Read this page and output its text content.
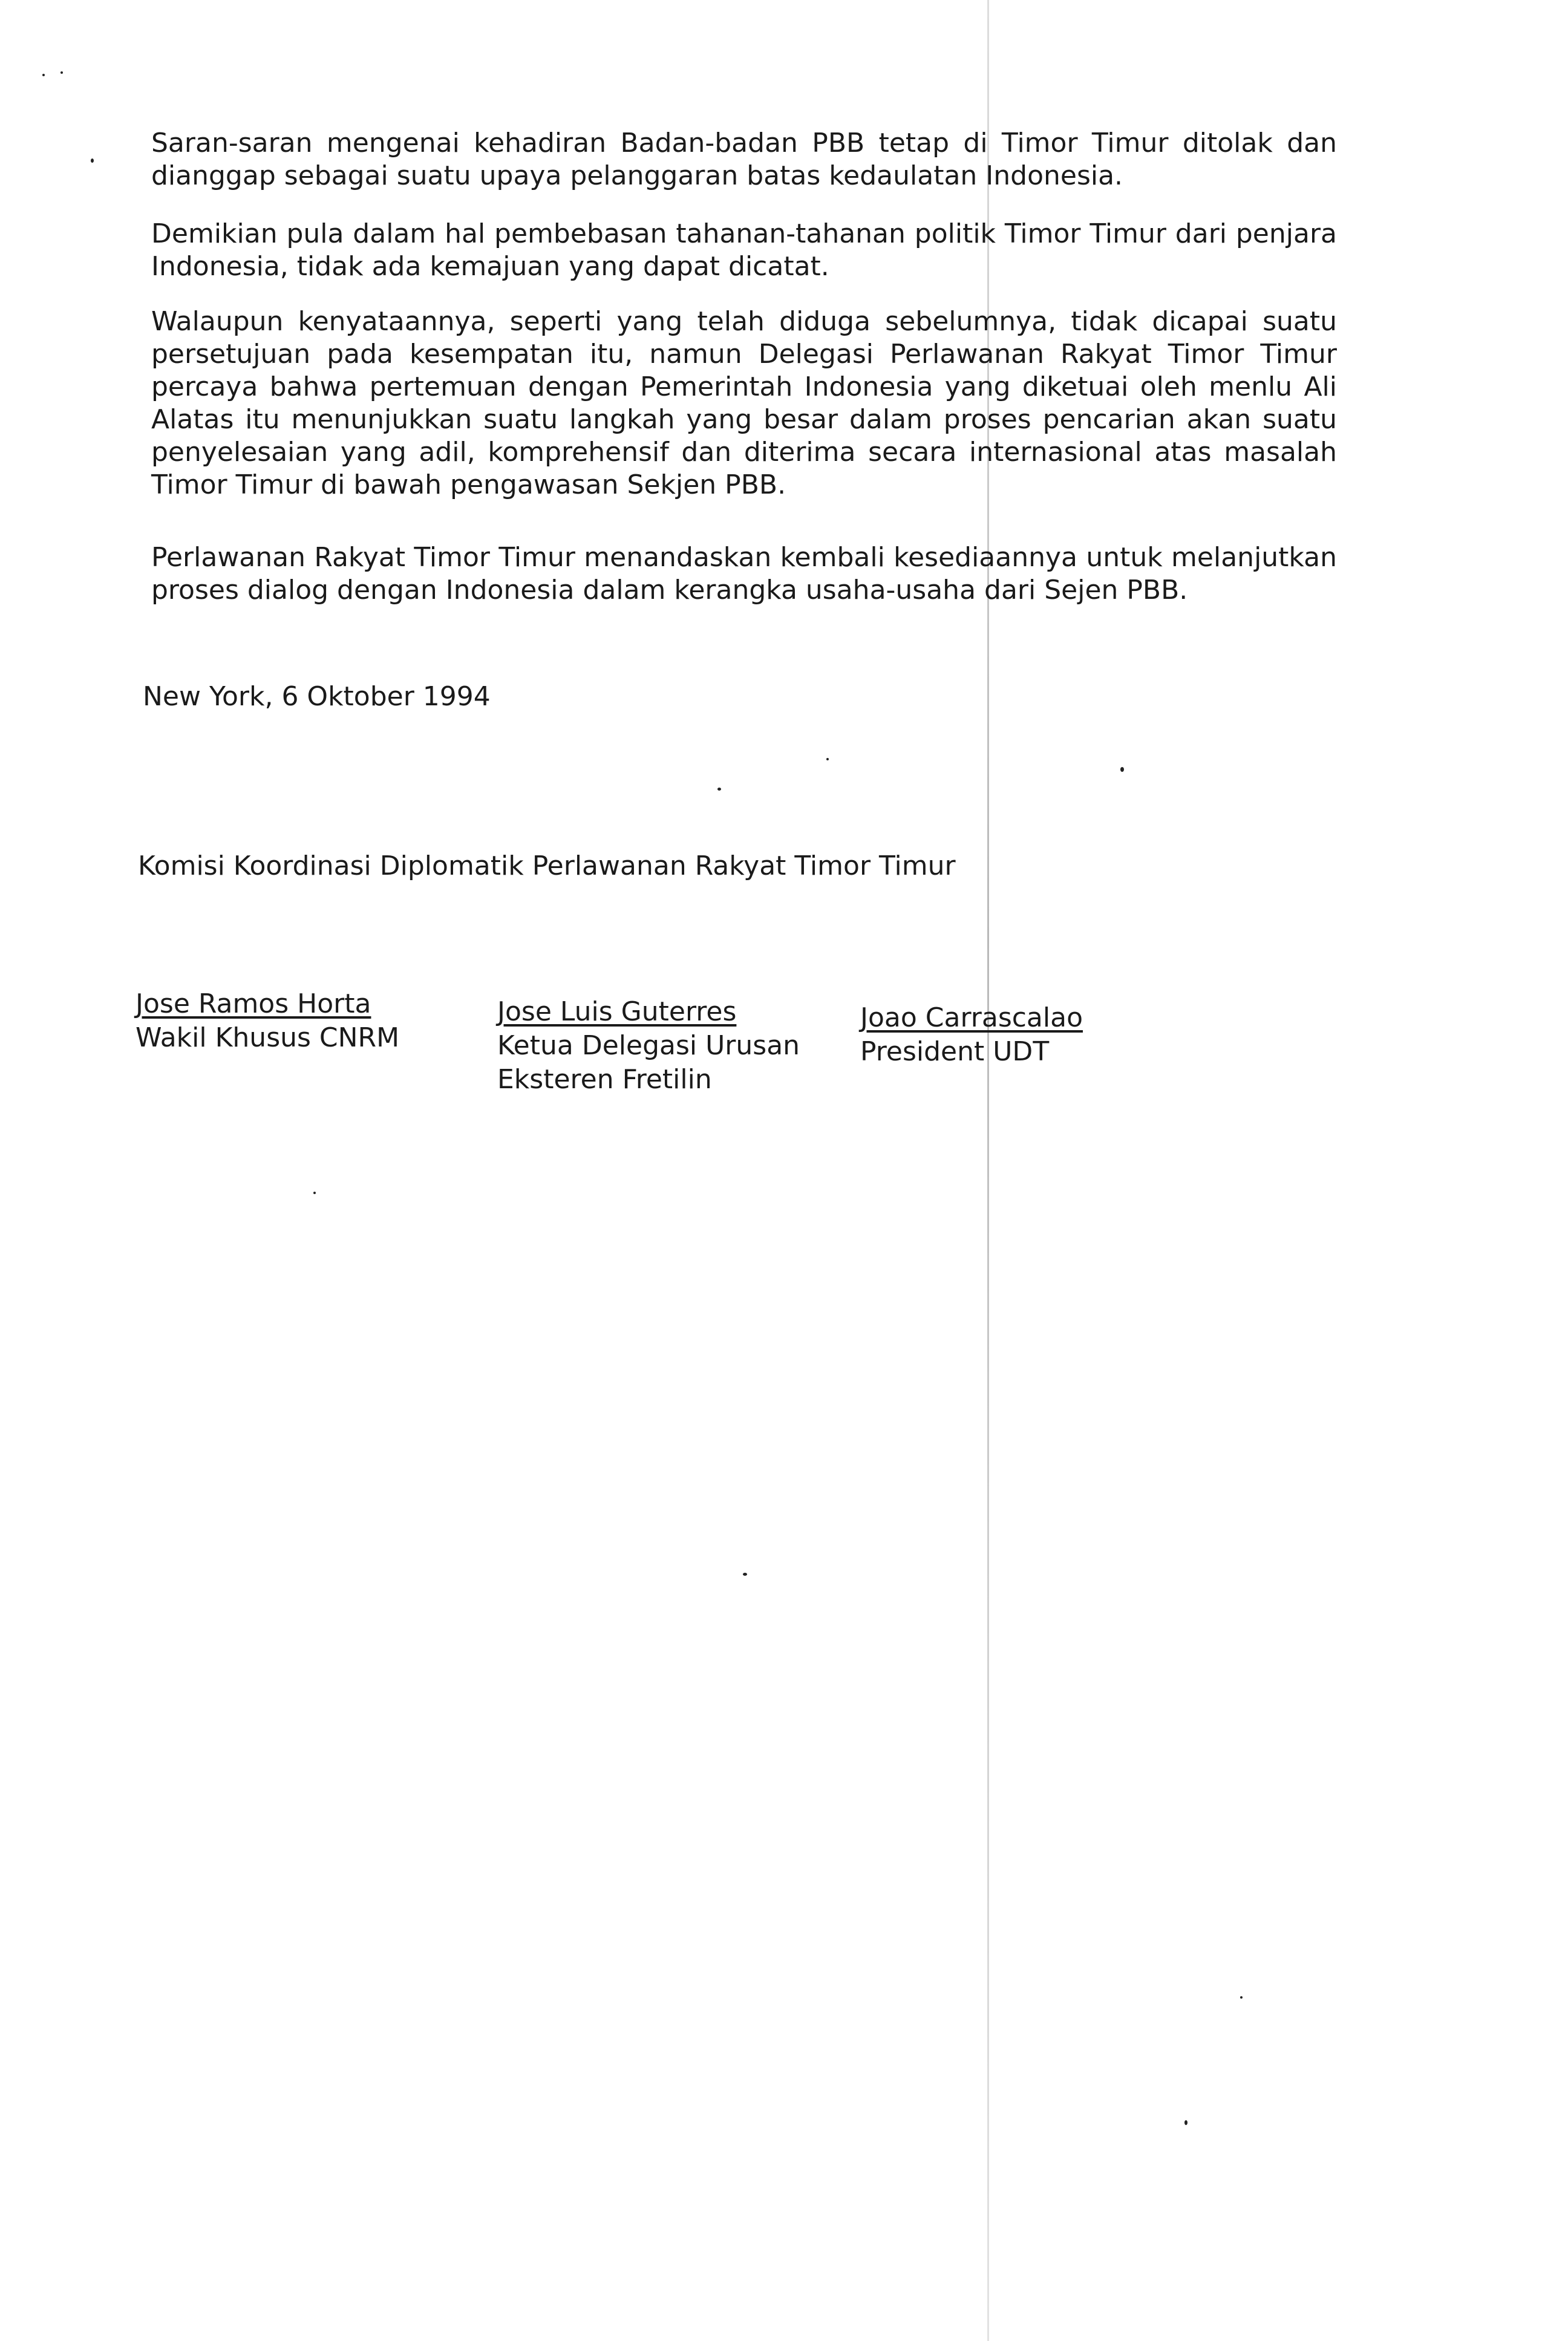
Saran-saran mengenai kehadiran Badan-badan PBB tetap di Timor Timur ditolak dan dianggap sebagai suatu upaya pelanggaran batas kedaulatan Indonesia.

Demikian pula dalam hal pembebasan tahanan-tahanan politik Timor Timur dari penjara Indonesia, tidak ada kemajuan yang dapat dicatat.

Walaupun kenyataannya, seperti yang telah diduga sebelumnya, tidak dicapai suatu persetujuan pada kesempatan itu, namun Delegasi Perlawanan Rakyat Timor Timur percaya bahwa pertemuan dengan Pemerintah Indonesia yang diketuai oleh menlu Ali Alatas itu menunjukkan suatu langkah yang besar dalam proses pencarian akan suatu penyelesaian yang adil, komprehensif dan diterima secara internasional atas masalah Timor Timur di bawah pengawasan Sekjen PBB.

Perlawanan Rakyat Timor Timur menandaskan kembali kesediaannya untuk melanjutkan proses dialog dengan Indonesia dalam kerangka usaha-usaha dari Sejen PBB.

New York, 6 Oktober 1994
Komisi Koordinasi Diplomatik Perlawanan Rakyat Timor Timur
Jose Ramos Horta
Wakil Khusus CNRM
Jose Luis Guterres
Ketua Delegasi Urusan
Eksteren Fretilin
Joao Carrascalao
President UDT
